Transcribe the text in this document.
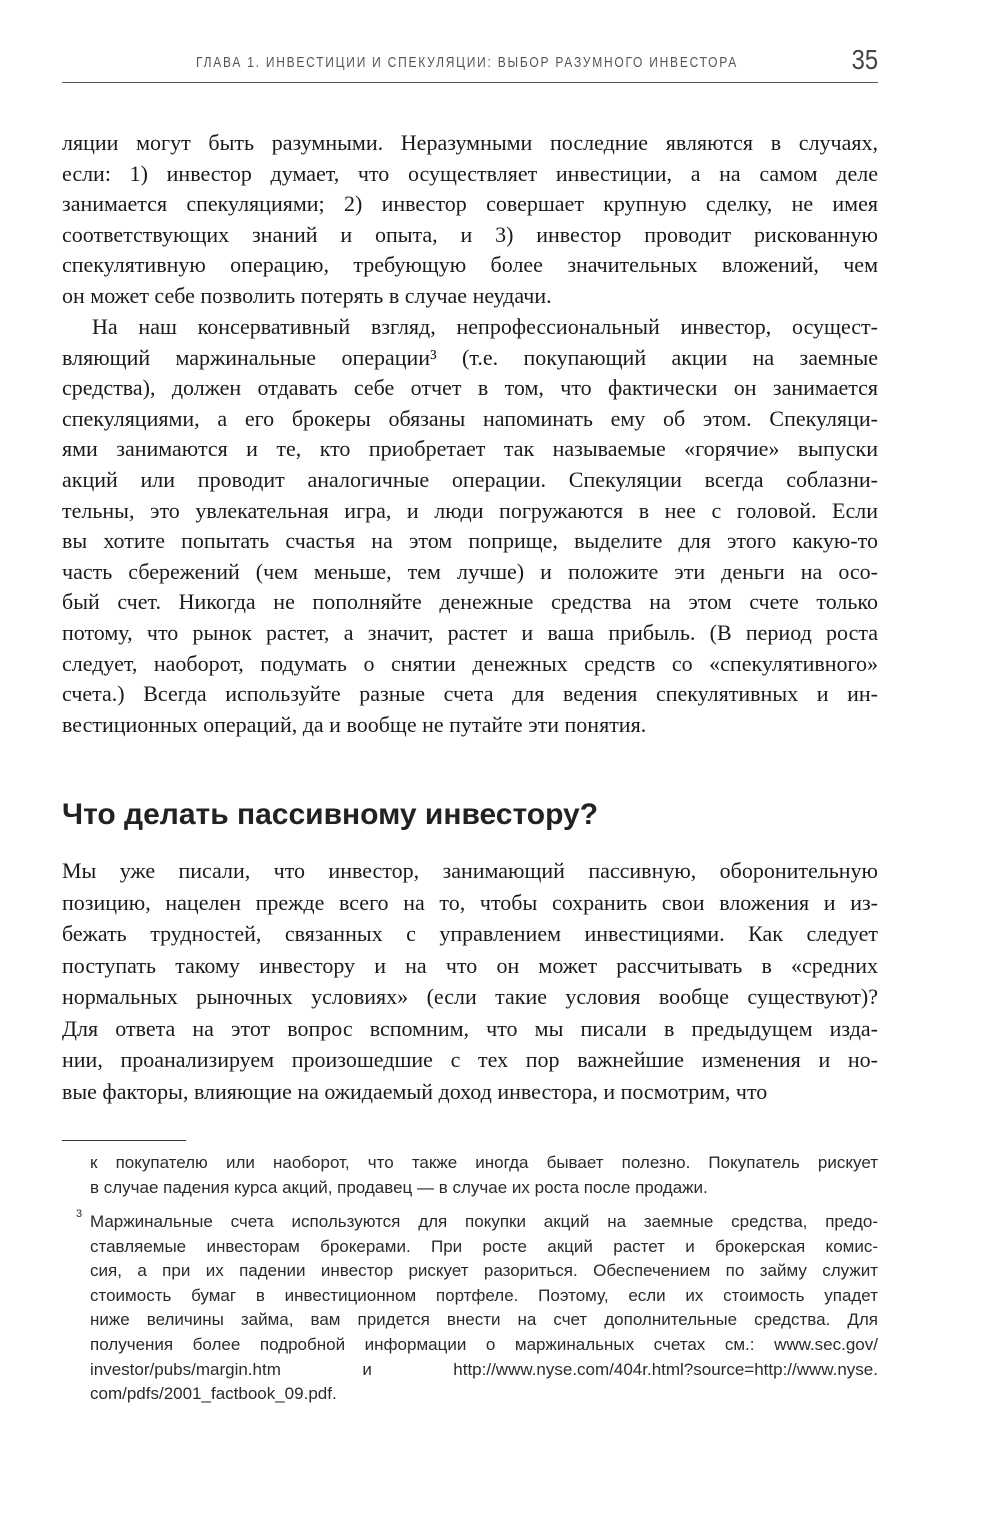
ГЛАВА 1. ИНВЕСТИЦИИ И СПЕКУЛЯЦИИ: ВЫБОР РАЗУМНОГО ИНВЕСТОРА	35
ляции могут быть разумными. Неразумными последние являются в случаях,
если: 1) инвестор думает, что осуществляет инвестиции, а на самом деле
занимается спекуляциями; 2) инвестор совершает крупную сделку, не имея
соответствующих знаний и опыта, и 3) инвестор проводит рискованную
спекулятивную операцию, требующую более значительных вложений, чем
он может себе позволить потерять в случае неудачи.
На наш консервативный взгляд, непрофессиональный инвестор, осущест-
вляющий маржинальные операции³ (т.е. покупающий акции на заемные
средства), должен отдавать себе отчет в том, что фактически он занимается
спекуляциями, а его брокеры обязаны напоминать ему об этом. Спекуляци-
ями занимаются и те, кто приобретает так называемые «горячие» выпуски
акций или проводит аналогичные операции. Спекуляции всегда соблазни-
тельны, это увлекательная игра, и люди погружаются в нее с головой. Если
вы хотите попытать счастья на этом поприще, выделите для этого какую-то
часть сбережений (чем меньше, тем лучше) и положите эти деньги на осо-
бый счет. Никогда не пополняйте денежные средства на этом счете только
потому, что рынок растет, а значит, растет и ваша прибыль. (В период роста
следует, наоборот, подумать о снятии денежных средств со «спекулятивного»
счета.) Всегда используйте разные счета для ведения спекулятивных и ин-
вестиционных операций, да и вообще не путайте эти понятия.
Что делать пассивному инвестору?
Мы уже писали, что инвестор, занимающий пассивную, оборонительную
позицию, нацелен прежде всего на то, чтобы сохранить свои вложения и из-
бежать трудностей, связанных с управлением инвестициями. Как следует
поступать такому инвестору и на что он может рассчитывать в «средних
нормальных рыночных условиях» (если такие условия вообще существуют)?
Для ответа на этот вопрос вспомним, что мы писали в предыдущем изда-
нии, проанализируем произошедшие с тех пор важнейшие изменения и но-
вые факторы, влияющие на ожидаемый доход инвестора, и посмотрим, что
к покупателю или наоборот, что также иногда бывает полезно. Покупатель рискует
в случае падения курса акций, продавец — в случае их роста после продажи.
3 Маржинальные счета используются для покупки акций на заемные средства, предо-
ставляемые инвесторам брокерами. При росте акций растет и брокерская комис-
сия, а при их падении инвестор рискует разориться. Обеспечением по займу служит
стоимость бумаг в инвестиционном портфеле. Поэтому, если их стоимость упадет
ниже величины займа, вам придется внести на счет дополнительные средства. Для
получения более подробной информации о маржинальных счетах см.: www.sec.gov/
investor/pubs/margin.htm и http://www.nyse.com/404r.html?source=http://www.nyse.
com/pdfs/2001_factbook_09.pdf.
